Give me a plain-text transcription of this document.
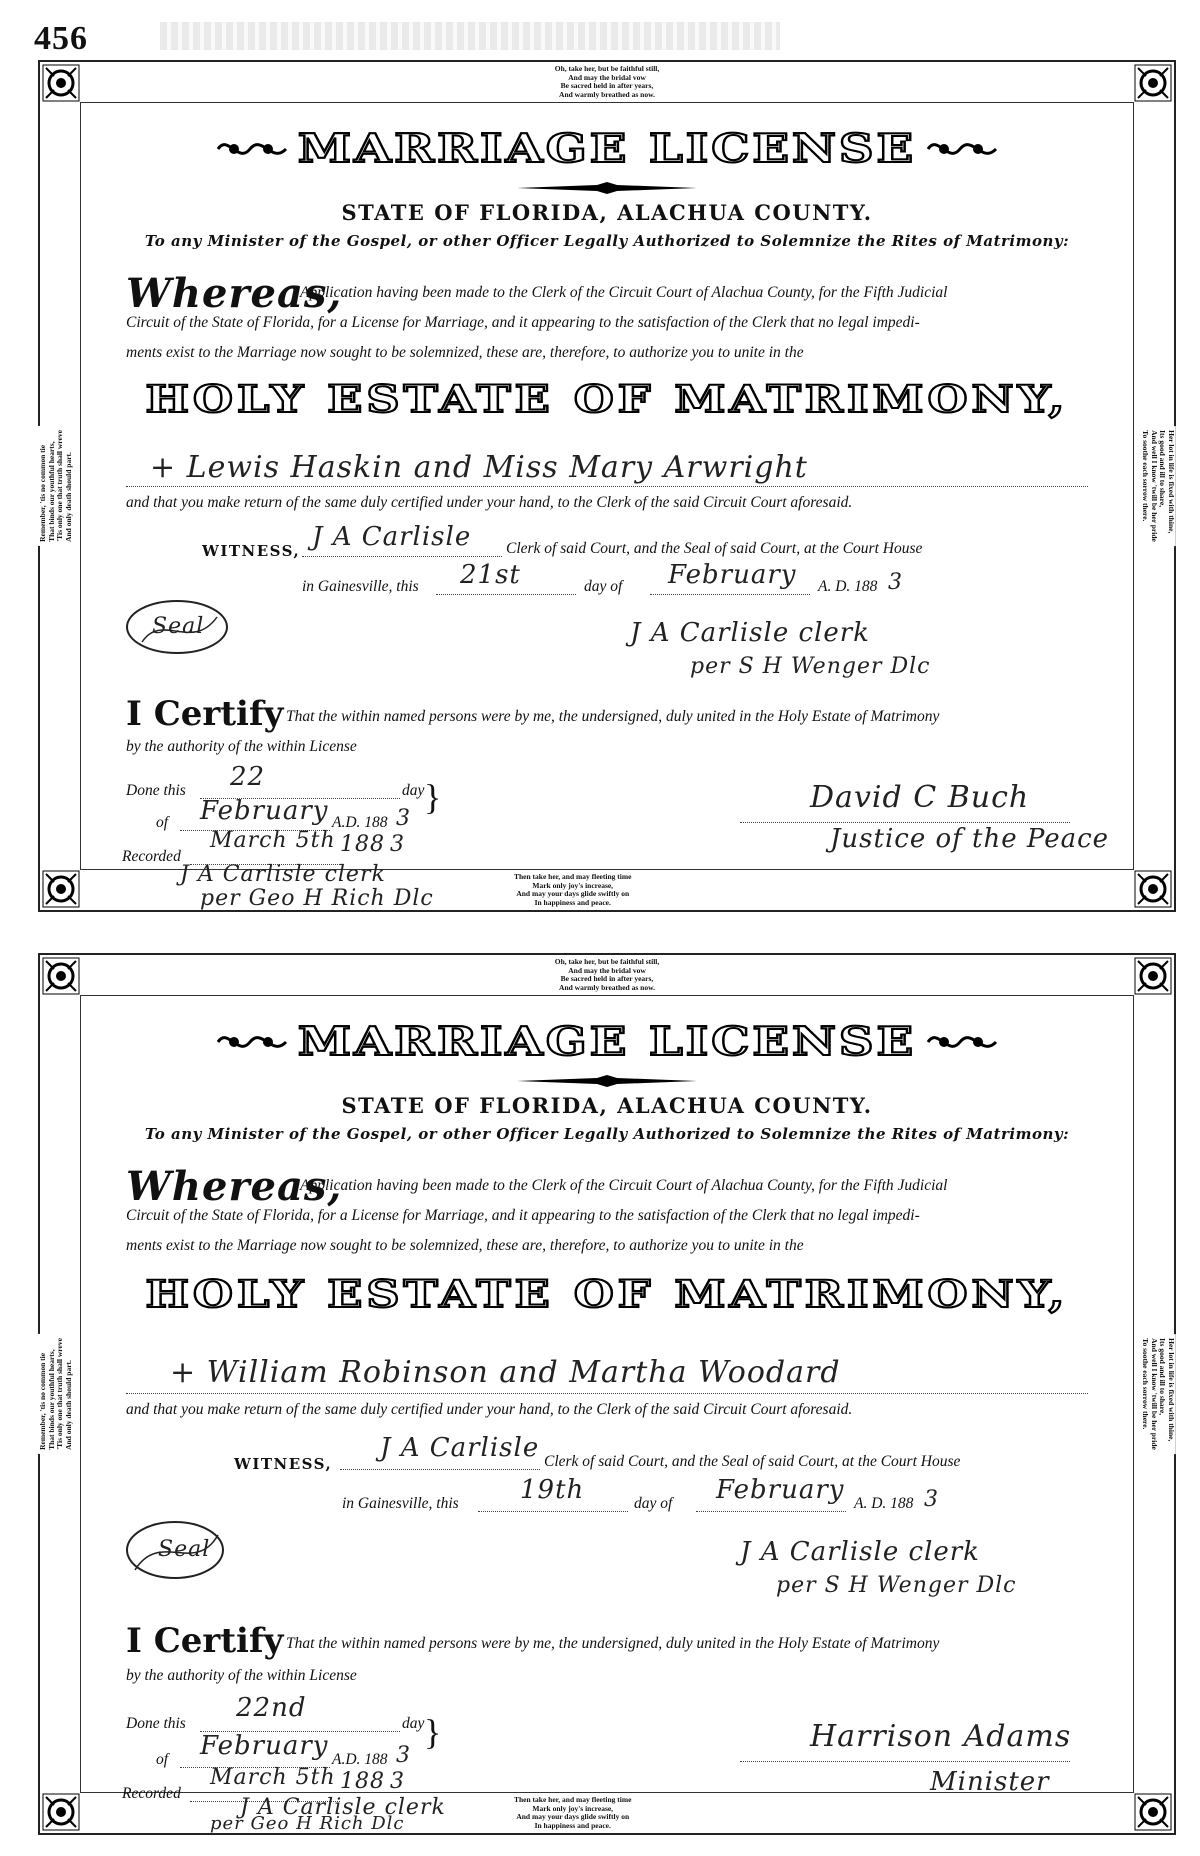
456
Oh, take her, but be faithful still,
And may the bridal vow
Be sacred held in after years,
And warmly breathed as now.
Then take her, and may fleeting time
Mark only joy's increase,
And may your days glide swiftly on
In happiness and peace.
Remember, 'tis no common tie That binds our youthful hearts, 'Tis only one that truth shall wreve And only death should part.	Her lot in life is fixed with thine,
Its good and ill to share,
And well I know 'twill be her pride
To soothe each sorrow there.
MARRIAGE LICENSE
STATE OF FLORIDA, ALACHUA COUNTY.
To any Minister of the Gospel, or other Officer Legally Authorized to Solemnize the Rites of Matrimony:
Whereas,
Application having been made to the Clerk of the Circuit Court of Alachua County, for the Fifth Judicial
Circuit of the State of Florida, for a License for Marriage, and it appearing to the satisfaction of the Clerk that no legal impedi-
ments exist to the Marriage now sought to be solemnized, these are, therefore, to authorize you to unite in the
HOLY ESTATE OF MATRIMONY,
+ Lewis Haskin and Miss Mary Arwright
and that you make return of the same duly certified under your hand, to the Clerk of the said Circuit Court aforesaid.
WITNESS, J A Carlisle Clerk of said Court, and the Seal of said Court, at the Court House
in Gainesville, this 21st	day of February A. D. 188 3
Seal	J A Carlisle clerk
per S H Wenger Dlc
I Certify That the within named persons were by me, the undersigned, duly united in the Holy Estate of Matrimony
by the authority of the within License
Done this 22	day
of February A.D. 188 3
}
Recorded
March 5th 188 3
J A Carlisle clerk
per Geo H Rich Dlc
David C Buch
Justice of the Peace
Oh, take her, but be faithful still,
And may the bridal vow
Be sacred held in after years,
And warmly breathed as now.
Then take her, and may fleeting time
Mark only joy's increase,
And may your days glide swiftly on
In happiness and peace.
Remember, 'tis no common tie That binds our youthful hearts, 'Tis only one that truth shall wreve And only death should part.	Her lot in life is fixed with thine,
Its good and ill to share,
And well I know 'twill be her pride
To soothe each sorrow there.
MARRIAGE LICENSE
STATE OF FLORIDA, ALACHUA COUNTY.
To any Minister of the Gospel, or other Officer Legally Authorized to Solemnize the Rites of Matrimony:
Whereas,
Application having been made to the Clerk of the Circuit Court of Alachua County, for the Fifth Judicial
Circuit of the State of Florida, for a License for Marriage, and it appearing to the satisfaction of the Clerk that no legal impedi-
ments exist to the Marriage now sought to be solemnized, these are, therefore, to authorize you to unite in the
HOLY ESTATE OF MATRIMONY,
+ William Robinson and Martha Woodard
and that you make return of the same duly certified under your hand, to the Clerk of the said Circuit Court aforesaid.
WITNESS,
J A Carlisle Clerk of said Court, and the Seal of said Court, at the Court House
in Gainesville, this 19th	day of February A. D. 188 3
Seal	J A Carlisle clerk
per S H Wenger Dlc
I Certify That the within named persons were by me, the undersigned, duly united in the Holy Estate of Matrimony
by the authority of the within License
Done this
22nd
day
of February A.D. 188 3
}
Recorded
March 5th 188 3
J A Carlisle clerk
per Geo H Rich Dlc
Harrison Adams
Minister
